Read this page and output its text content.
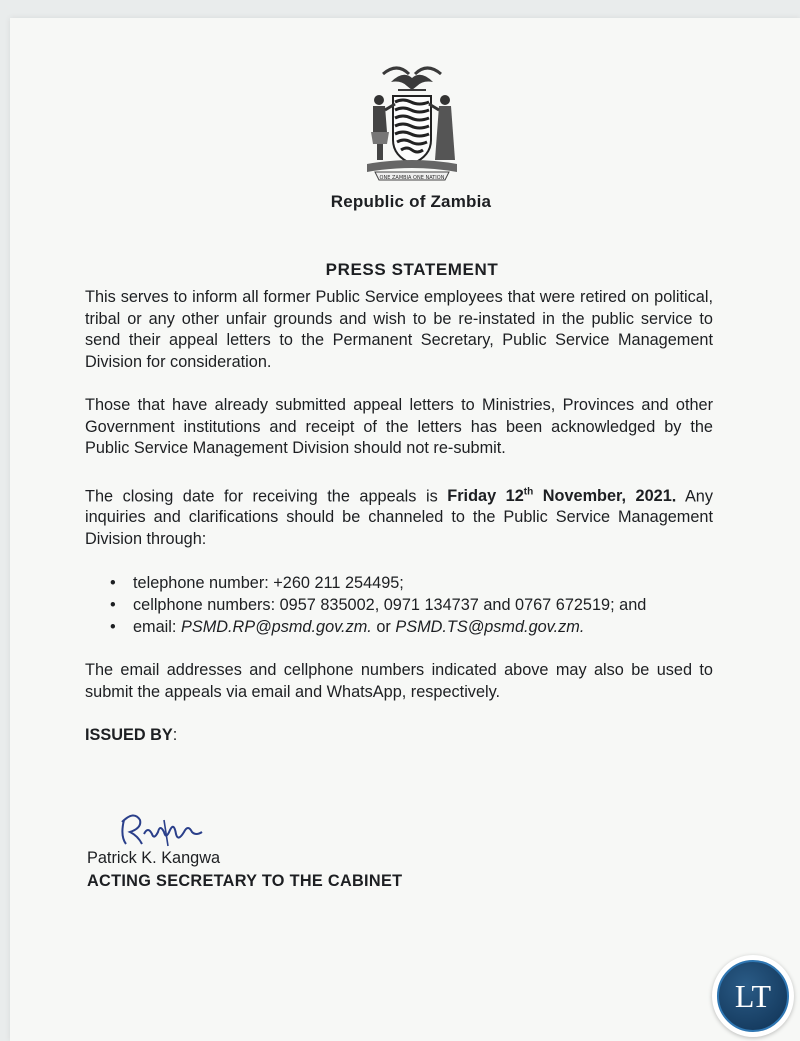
ONE ZAMBIA ONE NATION
Republic of Zambia
PRESS STATEMENT

This serves to inform all former Public Service employees that were retired on political, tribal or any other unfair grounds and wish to be re-instated in the public service to send their appeal letters to the Permanent Secretary, Public Service Management Division for consideration.

Those that have already submitted appeal letters to Ministries, Provinces and other Government institutions and receipt of the letters has been acknowledged by the Public Service Management Division should not re-submit.

The closing date for receiving the appeals is Friday 12th November, 2021. Any inquiries and clarifications should be channeled to the Public Service Management Division through:

• telephone number: +260 211 254495;
• cellphone numbers: 0957 835002, 0971 134737 and 0767 672519; and
• email: PSMD.RP@psmd.gov.zm. or PSMD.TS@psmd.gov.zm.

The email addresses and cellphone numbers indicated above may also be used to submit the appeals via email and WhatsApp, respectively.

ISSUED BY:

Patrick K. Kangwa
ACTING SECRETARY TO THE CABINET
LT
